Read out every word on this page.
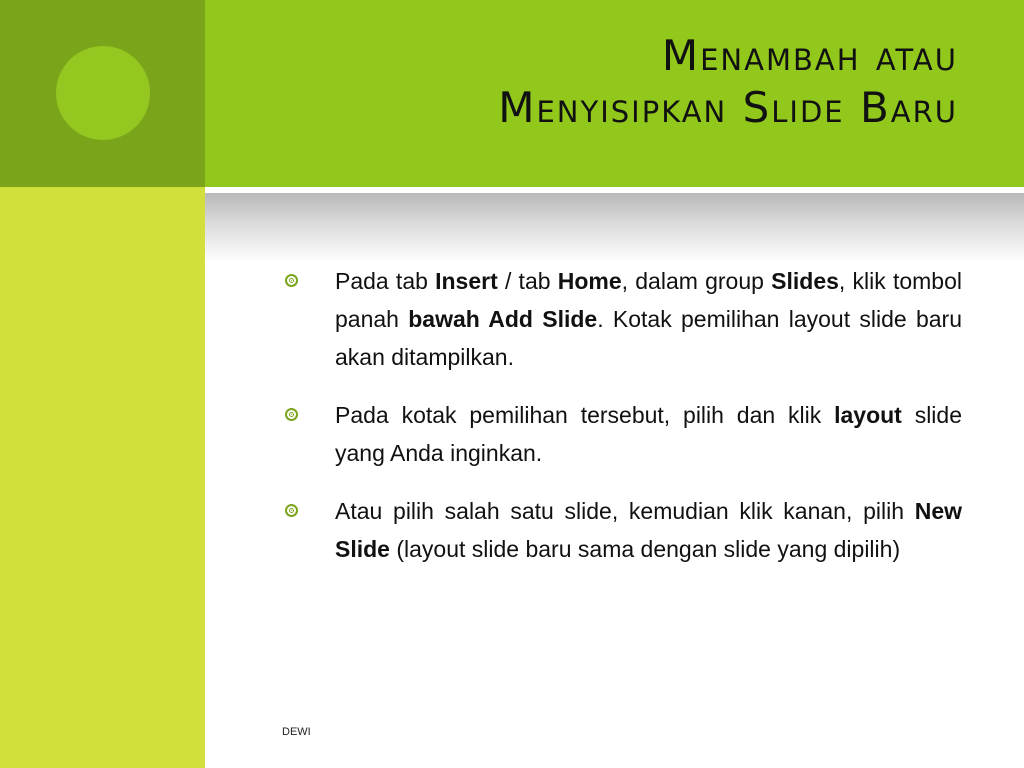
Menambah atau
Menyisipkan Slide Baru
Pada tab Insert / tab Home, dalam group Slides, klik tombol panah bawah Add Slide. Kotak pemilihan layout slide baru akan ditampilkan.
Pada kotak pemilihan tersebut, pilih dan klik layout slide yang Anda inginkan.
Atau pilih salah satu slide, kemudian klik kanan, pilih New Slide (layout slide baru sama dengan slide yang dipilih)
DEWI
